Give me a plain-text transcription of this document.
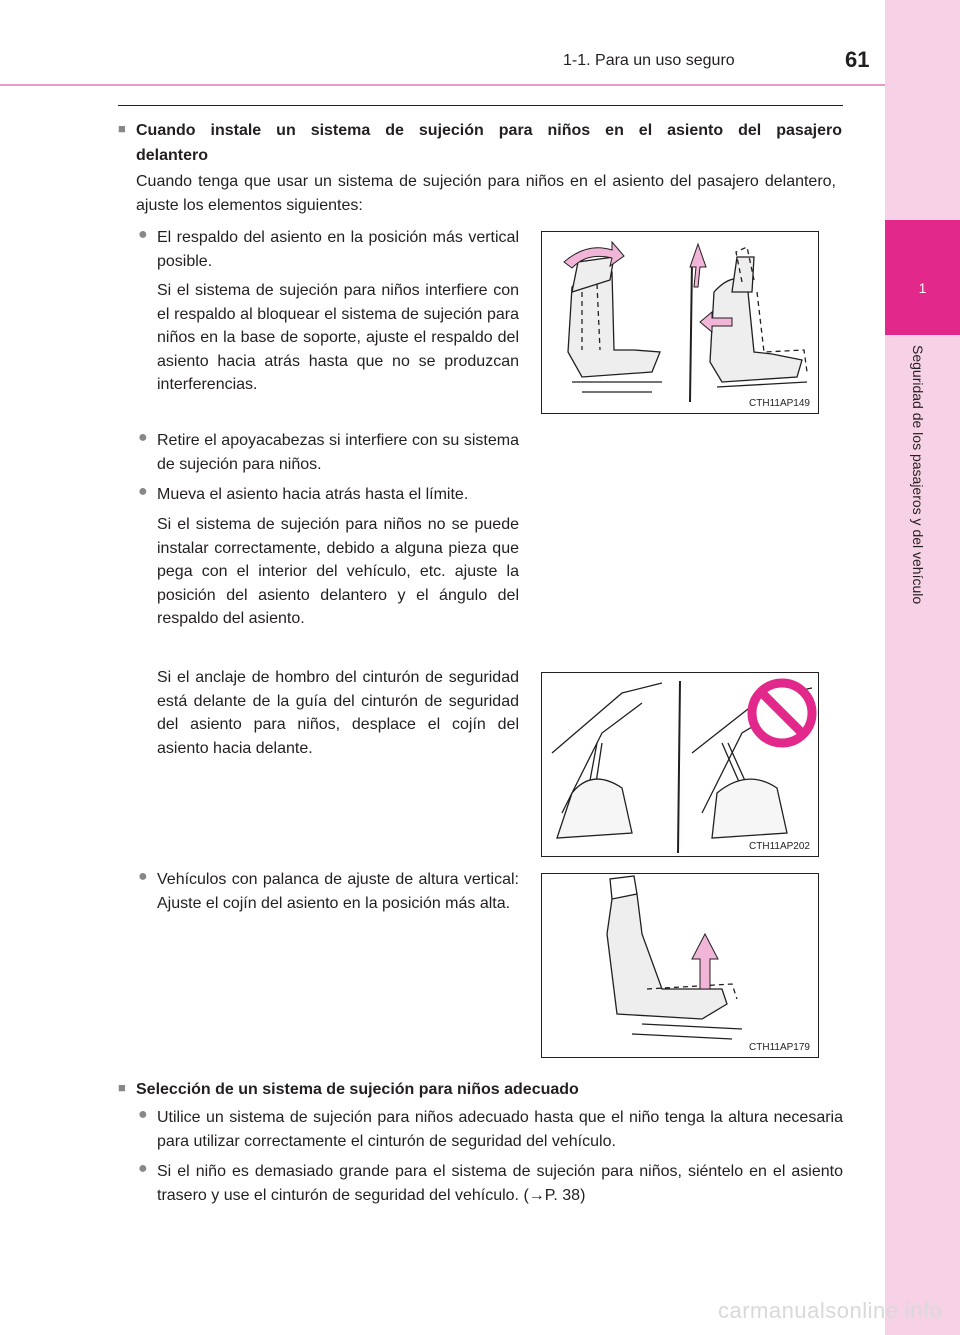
1-1. Para un uso seguro	61
1
Seguridad de los pasajeros y del vehículo
■ Cuando instale un sistema de sujeción para niños en el asiento del pasajero
delantero
Cuando tenga que usar un sistema de sujeción para niños en el asiento del pasajero delantero, ajuste los elementos siguientes:
● El respaldo del asiento en la posición más vertical posible.
Si el sistema de sujeción para niños interfiere con el respaldo al bloquear el sistema de sujeción para niños en la base de soporte, ajuste el respaldo del asiento hacia atrás hasta que no se produzcan interferencias.
● Retire el apoyacabezas si interfiere con su sistema de sujeción para niños.
● Mueva el asiento hacia atrás hasta el límite.
Si el sistema de sujeción para niños no se puede instalar correctamente, debido a alguna pieza que pega con el interior del vehículo, etc. ajuste la posición del asiento delantero y el ángulo del respaldo del asiento.
Si el anclaje de hombro del cinturón de seguridad está delante de la guía del cinturón de seguridad del asiento para niños, desplace el cojín del asiento hacia delante.
● Vehículos con palanca de ajuste de altura vertical: Ajuste el cojín del asiento en la posición más alta.
CTH11AP149
CTH11AP202
CTH11AP179
■ Selección de un sistema de sujeción para niños adecuado
● Utilice un sistema de sujeción para niños adecuado hasta que el niño tenga la altura necesaria para utilizar correctamente el cinturón de seguridad del vehículo.
● Si el niño es demasiado grande para el sistema de sujeción para niños, siéntelo en el asiento trasero y use el cinturón de seguridad del vehículo. (→P. 38)
carmanualsonline.info
